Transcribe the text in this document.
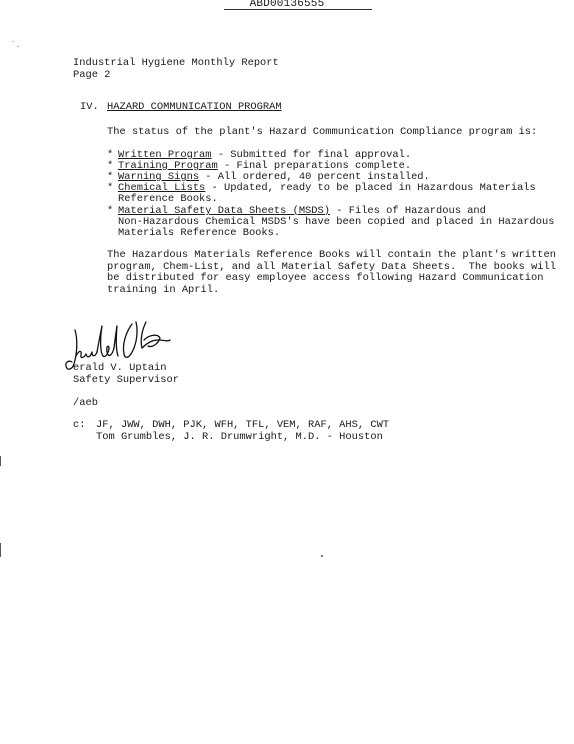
ABD00136555
`.
Industrial Hygiene Monthly Report
Page 2
IV. HAZARD COMMUNICATION PROGRAM
The status of the plant's Hazard Communication Compliance program is:
* Written Program - Submitted for final approval.
* Training Program - Final preparations complete.
* Warning Signs - All ordered, 40 percent installed.
* Chemical Lists - Updated, ready to be placed in Hazardous Materials
Reference Books.
* Material Safety Data Sheets (MSDS) - Files of Hazardous and
Non-Hazardous Chemical MSDS's have been copied and placed in Hazardous
Materials Reference Books.
The Hazardous Materials Reference Books will contain the plant's written
program, Chem-List, and all Material Safety Data Sheets.  The books will
be distributed for easy employee access following Hazard Communication
training in April.
erald V. Uptain
Safety Supervisor
/aeb
c: JF, JWW, DWH, PJK, WFH, TFL, VEM, RAF, AHS, CWT
Tom Grumbles, J. R. Drumwright, M.D. - Houston
